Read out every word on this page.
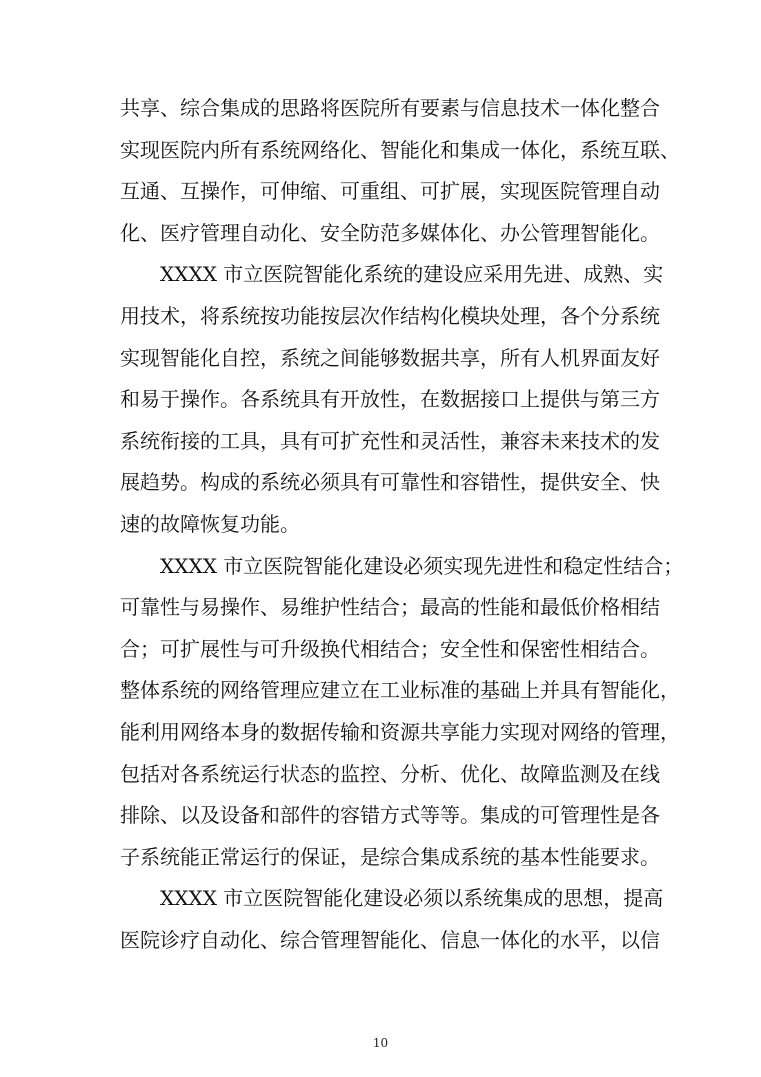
共享、综合集成的思路将医院所有要素与信息技术一体化整合
实现医院内所有系统网络化、智能化和集成一体化，系统互联、
互通、互操作，可伸缩、可重组、可扩展，实现医院管理自动
化、医疗管理自动化、安全防范多媒体化、办公管理智能化。
XXXX 市立医院智能化系统的建设应采用先进、成熟、实
用技术，将系统按功能按层次作结构化模块处理，各个分系统
实现智能化自控，系统之间能够数据共享，所有人机界面友好
和易于操作。各系统具有开放性，在数据接口上提供与第三方
系统衔接的工具，具有可扩充性和灵活性，兼容未来技术的发
展趋势。构成的系统必须具有可靠性和容错性，提供安全、快
速的故障恢复功能。
XXXX 市立医院智能化建设必须实现先进性和稳定性结合；
可靠性与易操作、易维护性结合；最高的性能和最低价格相结
合；可扩展性与可升级换代相结合；安全性和保密性相结合。
整体系统的网络管理应建立在工业标准的基础上并具有智能化，
能利用网络本身的数据传输和资源共享能力实现对网络的管理，
包括对各系统运行状态的监控、分析、优化、故障监测及在线
排除、以及设备和部件的容错方式等等。集成的可管理性是各
子系统能正常运行的保证，是综合集成系统的基本性能要求。
XXXX 市立医院智能化建设必须以系统集成的思想，提高
医院诊疗自动化、综合管理智能化、信息一体化的水平，以信
10
